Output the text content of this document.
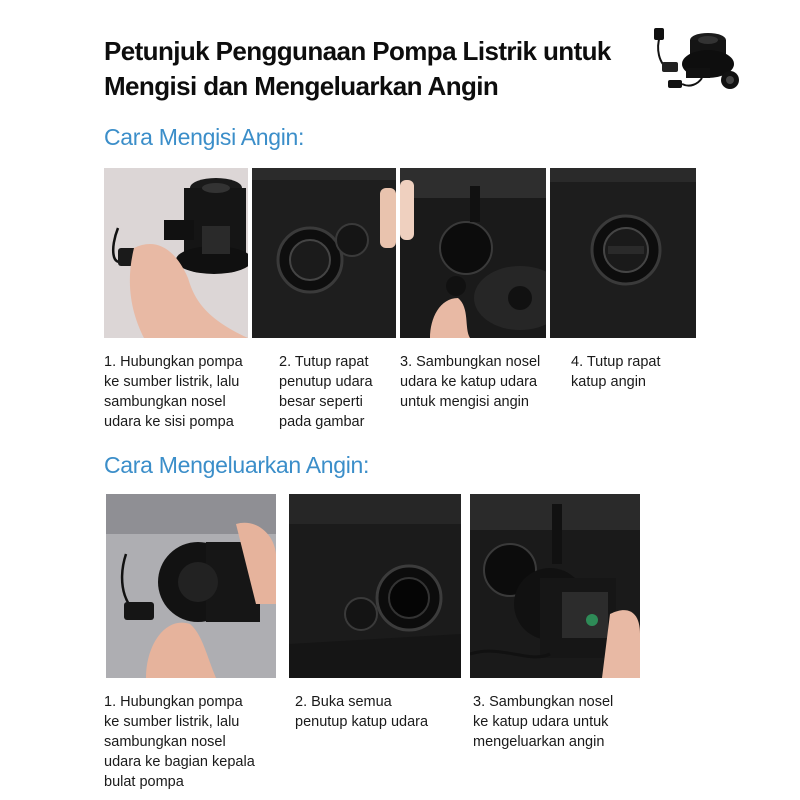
Petunjuk Penggunaan Pompa Listrik untuk
Mengisi dan Mengeluarkan Angin
Cara Mengisi Angin:
1. Hubungkan pompa
ke sumber listrik, lalu
sambungkan nosel
udara ke sisi pompa
2. Tutup rapat
penutup udara
besar seperti
pada gambar
3. Sambungkan nosel
udara ke katup udara
untuk mengisi angin
4. Tutup rapat
katup angin
Cara Mengeluarkan Angin:
1. Hubungkan pompa
ke sumber listrik, lalu
sambungkan nosel
udara ke bagian kepala
bulat pompa
2. Buka semua
penutup katup udara
3. Sambungkan nosel
ke katup udara untuk
mengeluarkan angin
